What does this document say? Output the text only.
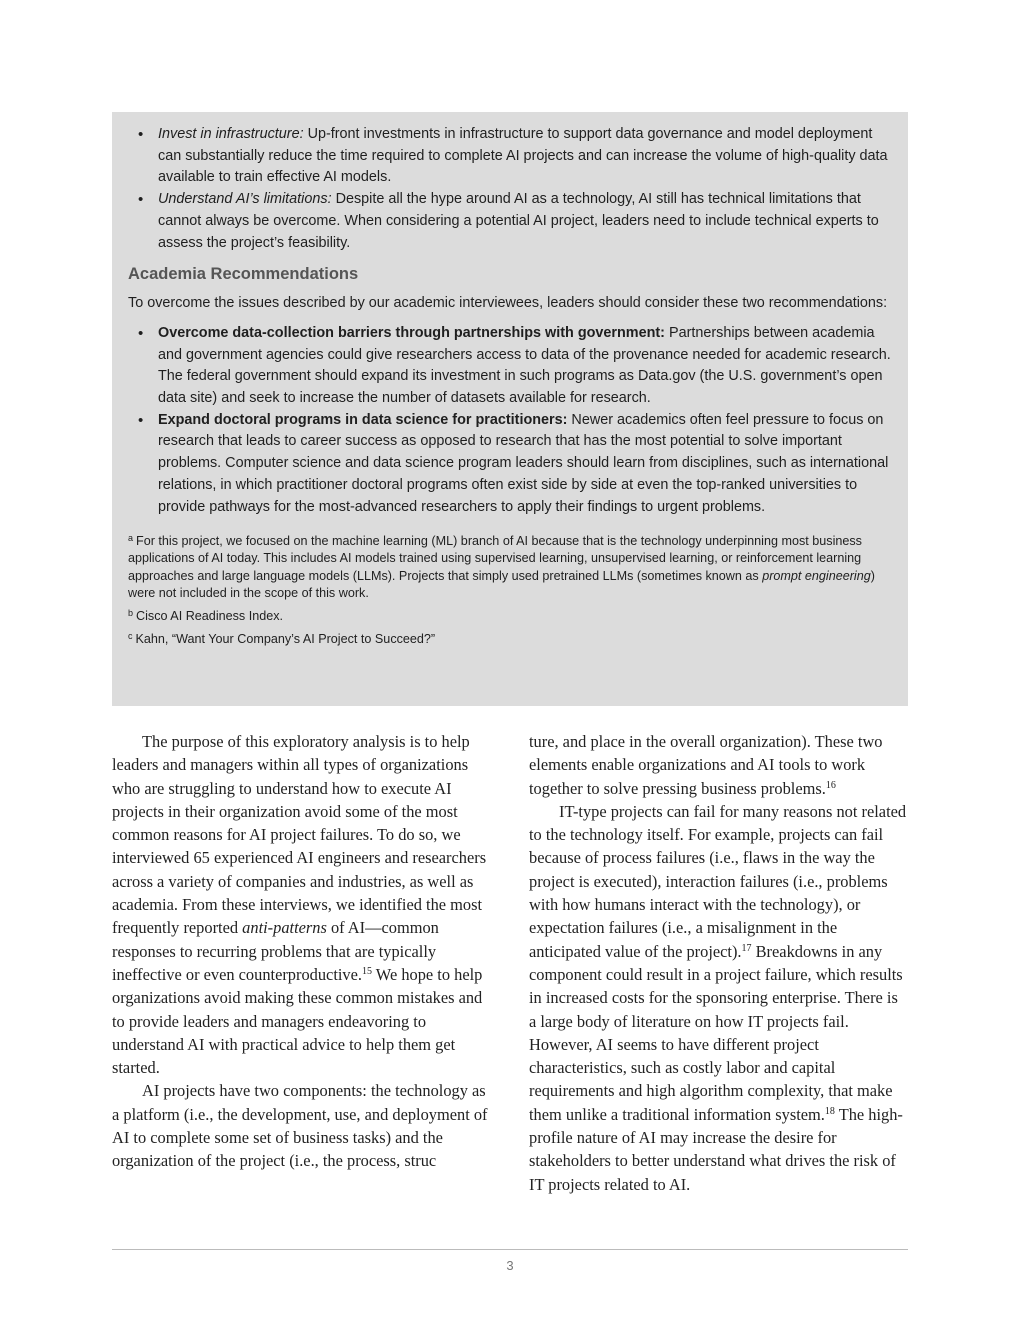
• Invest in infrastructure: Up-front investments in infrastructure to support data governance and model deployment can substantially reduce the time required to complete AI projects and can increase the volume of high-quality data available to train effective AI models.
• Understand AI’s limitations: Despite all the hype around AI as a technology, AI still has technical limitations that cannot always be overcome. When considering a potential AI project, leaders need to include technical experts to assess the project’s feasibility.
Academia Recommendations

To overcome the issues described by our academic interviewees, leaders should consider these two recommendations:

• Overcome data-collection barriers through partnerships with government: Partnerships between academia and government agencies could give researchers access to data of the provenance needed for academic research. The federal government should expand its investment in such programs as Data.gov (the U.S. government’s open data site) and seek to increase the number of datasets available for research.
• Expand doctoral programs in data science for practitioners: Newer academics often feel pressure to focus on research that leads to career success as opposed to research that has the most potential to solve important problems. Computer science and data science program leaders should learn from disciplines, such as international relations, in which practitioner doctoral programs often exist side by side at even the top-ranked universities to provide pathways for the most-advanced researchers to apply their findings to urgent problems.

$^a$ For this project, we focused on the machine learning (ML) branch of AI because that is the technology underpinning most business applications of AI today. This includes AI models trained using supervised learning, unsupervised learning, or reinforcement learning approaches and large language models (LLMs). Projects that simply used pretrained LLMs (sometimes known as prompt engineering) were not included in the scope of this work.

$^b$ Cisco AI Readiness Index.

$^c$ Kahn, “Want Your Company’s AI Project to Succeed?”

The purpose of this exploratory analysis is to help leaders and managers within all types of organizations who are struggling to understand how to execute AI projects in their organization avoid some of the most common reasons for AI project failures. To do so, we interviewed 65 experienced AI engineers and researchers across a variety of companies and industries, as well as academia. From these interviews, we identified the most frequently reported anti-patterns of AI—common responses to recurring problems that are typically ineffective or even counterproductive.$^{15}$ We hope to help organizations avoid making these common mistakes and to provide leaders and managers endeavoring to understand AI with practical advice to help them get started.

AI projects have two components: the technology as a platform (i.e., the development, use, and deployment of AI to complete some set of business tasks) and the organization of the project (i.e., the process, struc

ture, and place in the overall organization). These two elements enable organizations and AI tools to work together to solve pressing business problems.$^{16}$

IT-type projects can fail for many reasons not related to the technology itself. For example, projects can fail because of process failures (i.e., flaws in the way the project is executed), interaction failures (i.e., problems with how humans interact with the technology), or expectation failures (i.e., a misalignment in the anticipated value of the project).$^{17}$ Breakdowns in any component could result in a project failure, which results in increased costs for the sponsoring enterprise. There is a large body of literature on how IT projects fail. However, AI seems to have different project characteristics, such as costly labor and capital requirements and high algorithm complexity, that make them unlike a traditional information system.$^{18}$ The high-profile nature of AI may increase the desire for stakeholders to better understand what drives the risk of IT projects related to AI.

3
